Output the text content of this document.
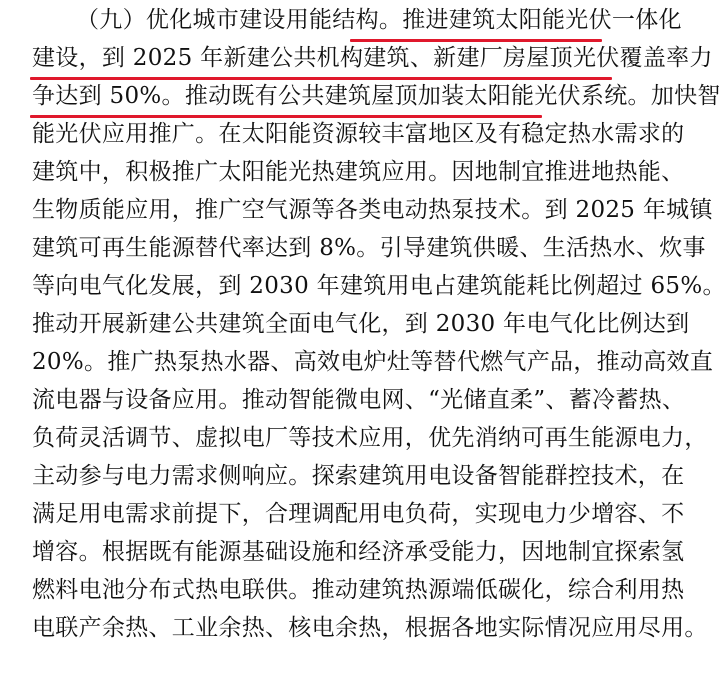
（九）优化城市建设用能结构。推进建筑太阳能光伏一体化
建设，到 2025 年新建公共机构建筑、新建厂房屋顶光伏覆盖率力
争达到 50%。推动既有公共建筑屋顶加装太阳能光伏系统。加快智
能光伏应用推广。在太阳能资源较丰富地区及有稳定热水需求的
建筑中，积极推广太阳能光热建筑应用。因地制宜推进地热能、
生物质能应用，推广空气源等各类电动热泵技术。到 2025 年城镇
建筑可再生能源替代率达到 8%。引导建筑供暖、生活热水、炊事
等向电气化发展，到 2030 年建筑用电占建筑能耗比例超过 65%。
推动开展新建公共建筑全面电气化，到 2030 年电气化比例达到
20%。推广热泵热水器、高效电炉灶等替代燃气产品，推动高效直
流电器与设备应用。推动智能微电网、“光储直柔”、蓄冷蓄热、
负荷灵活调节、虚拟电厂等技术应用，优先消纳可再生能源电力，
主动参与电力需求侧响应。探索建筑用电设备智能群控技术，在
满足用电需求前提下，合理调配用电负荷，实现电力少增容、不
增容。根据既有能源基础设施和经济承受能力，因地制宜探索氢
燃料电池分布式热电联供。推动建筑热源端低碳化，综合利用热
电联产余热、工业余热、核电余热，根据各地实际情况应用尽用。
